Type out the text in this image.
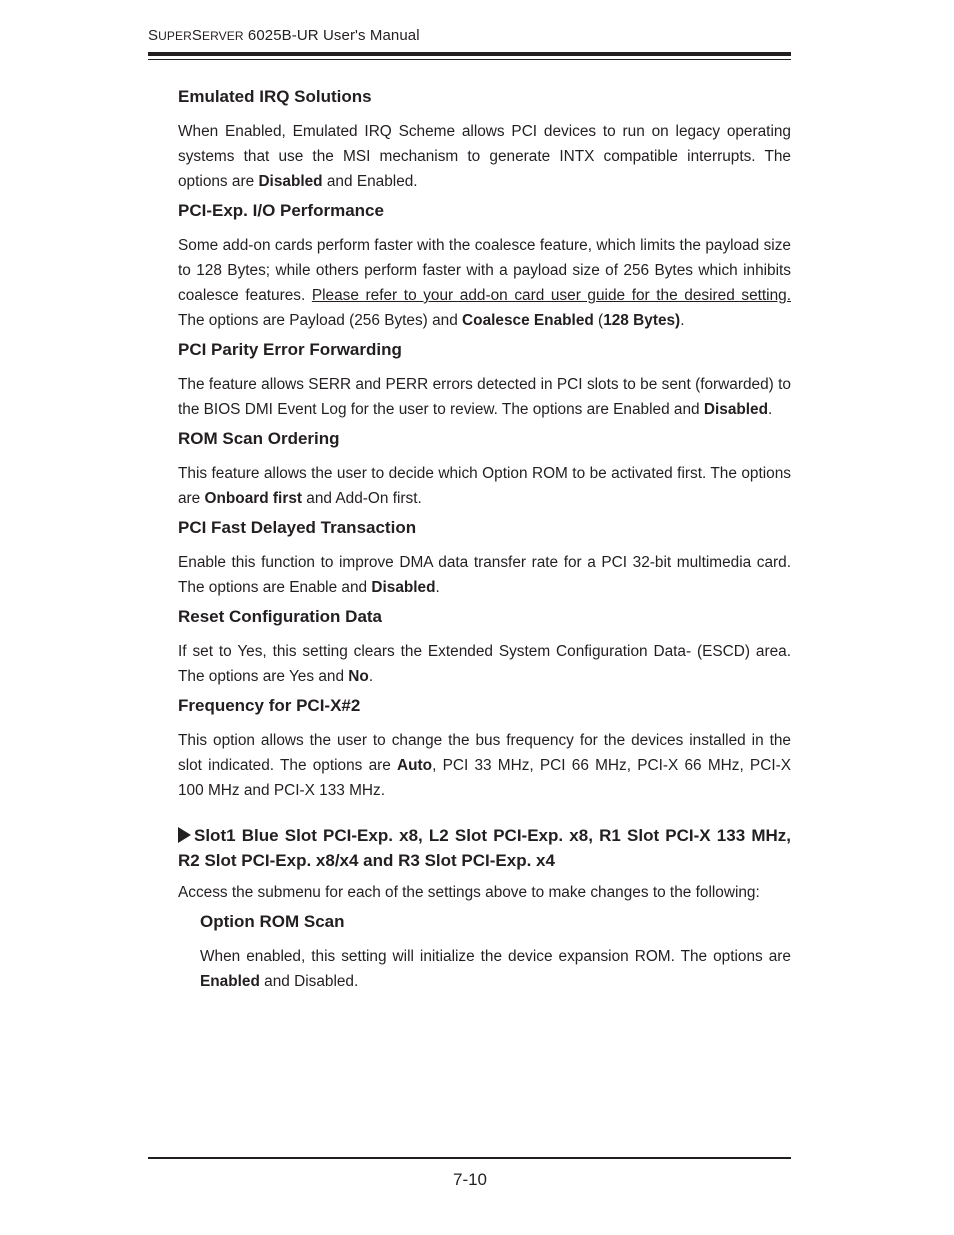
SUPERSERVER 6025B-UR User's Manual
Emulated IRQ Solutions

When Enabled, Emulated IRQ Scheme allows PCI devices to run on legacy operating systems that use the MSI mechanism to generate INTX compatible interrupts. The options are Disabled and Enabled.

PCI-Exp. I/O Performance

Some add-on cards perform faster with the coalesce feature, which limits the payload size to 128 Bytes; while others perform faster with a payload size of 256 Bytes which inhibits coalesce features. Please refer to your add-on card user guide for the desired setting. The options are Payload (256 Bytes) and Coalesce Enabled (128 Bytes).

PCI Parity Error Forwarding

The feature allows SERR and PERR errors detected in PCI slots to be sent (forwarded) to the BIOS DMI Event Log for the user to review. The options are Enabled and Disabled.

ROM Scan Ordering

This feature allows the user to decide which Option ROM to be activated first. The options are Onboard first and Add-On first.

PCI Fast Delayed Transaction

Enable this function to improve DMA data transfer rate for a PCI 32-bit multimedia card. The options are Enable and Disabled.

Reset Configuration Data

If set to Yes, this setting clears the Extended System Configuration Data- (ESCD) area. The options are Yes and No.

Frequency for PCI-X#2

This option allows the user to change the bus frequency for the devices installed in the slot indicated. The options are Auto, PCI 33 MHz, PCI 66 MHz, PCI-X 66 MHz, PCI-X 100 MHz and PCI-X 133 MHz.

Slot1 Blue Slot PCI-Exp. x8, L2 Slot PCI-Exp. x8, R1 Slot PCI-X 133 MHz, R2 Slot PCI-Exp. x8/x4 and R3 Slot PCI-Exp. x4

Access the submenu for each of the settings above to make changes to the following:

Option ROM Scan

When enabled, this setting will initialize the device expansion ROM. The options are Enabled and Disabled.

7-10
